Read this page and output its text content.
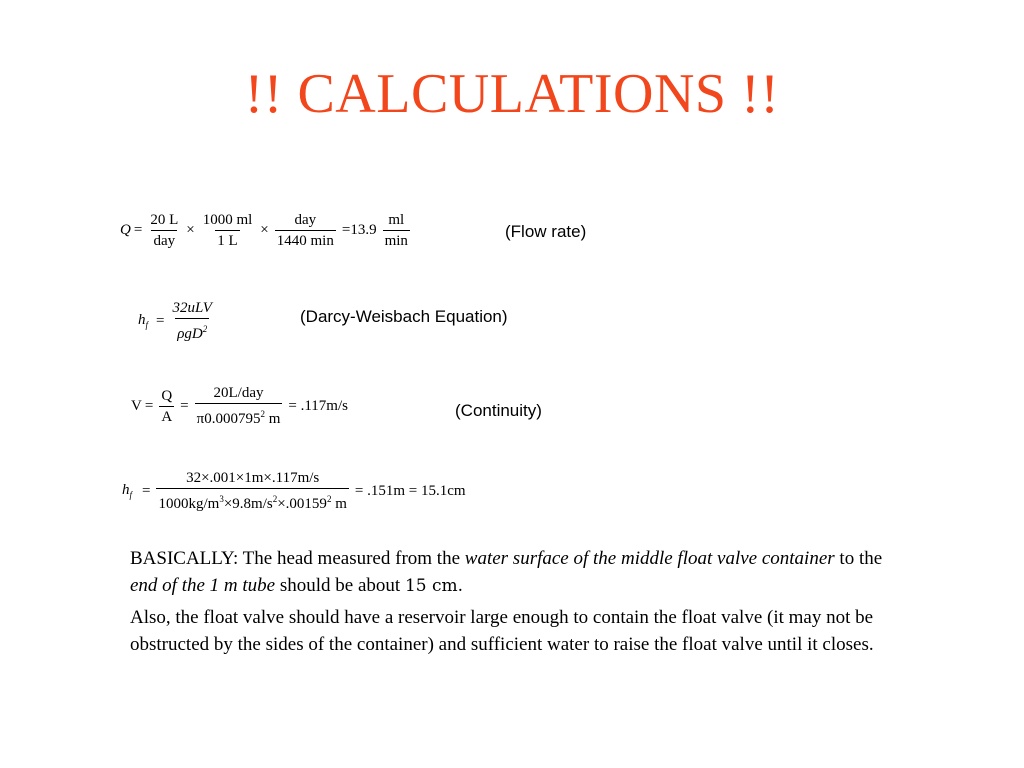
!! CALCULATIONS !!
$Q = \frac{20 L}{\text{day}} \times \frac{1000 ml}{1 L} \times \frac{\text{day}}{1440 \min} =13.9 \frac{ml}{\min}$	(Flow rate)
$h_f = \frac{\text{32uLV}}{\rho gD^2}$	(Darcy-Weisbach Equation)
$V = \frac{Q}{A} = \frac{\text{20L/day}}{\pi 0.000795^2 m} = .117m/s$	(Continuity)
$h_f = \frac{32\times.001\times 1m\times.117m/s}{1000kg/m^3\times 9.8m/s^2\times.00159^2 m} = .151m = 15.1cm$

BASICALLY: The head measured from the water surface of the middle float valve container to the end of the 1 m tube should be about 15 cm.

Also, the float valve should have a reservoir large enough to contain the float valve (it may not be obstructed by the sides of the container) and sufficient water to raise the float valve until it closes.
